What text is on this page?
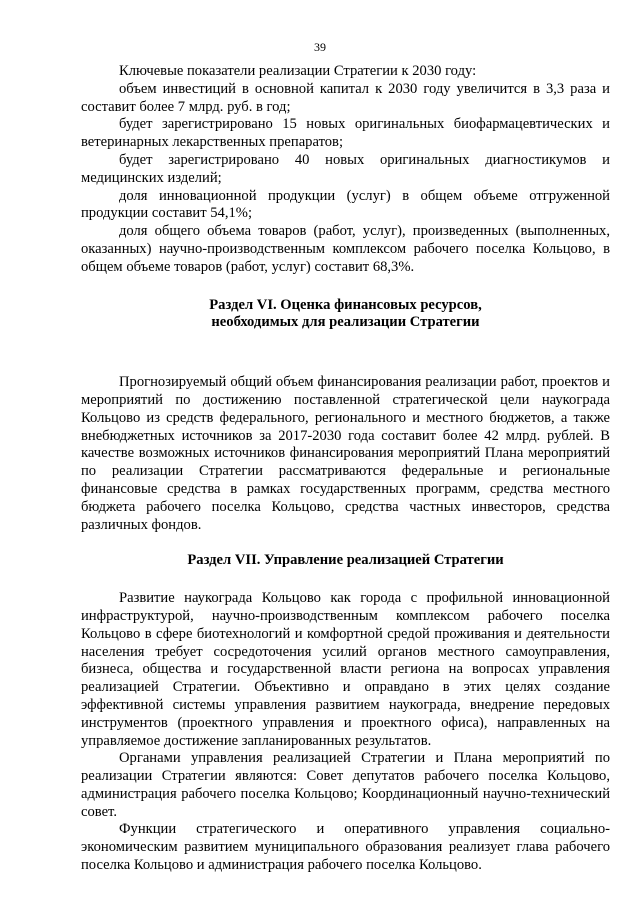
39

Ключевые показатели реализации Стратегии к 2030 году:

объем инвестиций в основной капитал к 2030 году увеличится в 3,3 раза и составит более 7 млрд. руб. в год;

будет зарегистрировано 15 новых оригинальных биофармацевтических и ветеринарных лекарственных препаратов;

будет зарегистрировано 40 новых оригинальных диагностикумов и медицинских изделий;

доля инновационной продукции (услуг) в общем объеме отгруженной продукции составит 54,1%;

доля общего объема товаров (работ, услуг), произведенных (выполненных, оказанных) научно-производственным комплексом рабочего поселка Кольцово, в общем объеме товаров (работ, услуг) составит 68,3%.

Раздел VI. Оценка финансовых ресурсов,
необходимых для реализации Стратегии

Прогнозируемый общий объем финансирования реализации работ, проектов и мероприятий по достижению поставленной стратегической цели наукограда Кольцово из средств федерального, регионального и местного бюджетов, а также внебюджетных источников за 2017-2030 года составит более 42 млрд. рублей. В качестве возможных источников финансирования мероприятий Плана мероприятий по реализации Стратегии рассматриваются федеральные и региональные финансовые средства в рамках государственных программ, средства местного бюджета рабочего поселка Кольцово, средства частных инвесторов, средства различных фондов.

Раздел VII. Управление реализацией Стратегии

Развитие наукограда Кольцово как города с профильной инновационной инфраструктурой, научно-производственным комплексом рабочего поселка Кольцово в сфере биотехнологий и комфортной средой проживания и деятельности населения требует сосредоточения усилий органов местного самоуправления, бизнеса, общества и государственной власти региона на вопросах управления реализацией Стратегии. Объективно и оправдано в этих целях создание эффективной системы управления развитием наукограда, внедрение передовых инструментов (проектного управления и проектного офиса), направленных на управляемое достижение запланированных результатов.

Органами управления реализацией Стратегии и Плана мероприятий по реализации Стратегии являются: Совет депутатов рабочего поселка Кольцово, администрация рабочего поселка Кольцово; Координационный научно-технический совет.

Функции стратегического и оперативного управления социально-экономическим развитием муниципального образования реализует глава рабочего поселка Кольцово и администрация рабочего поселка Кольцово.
